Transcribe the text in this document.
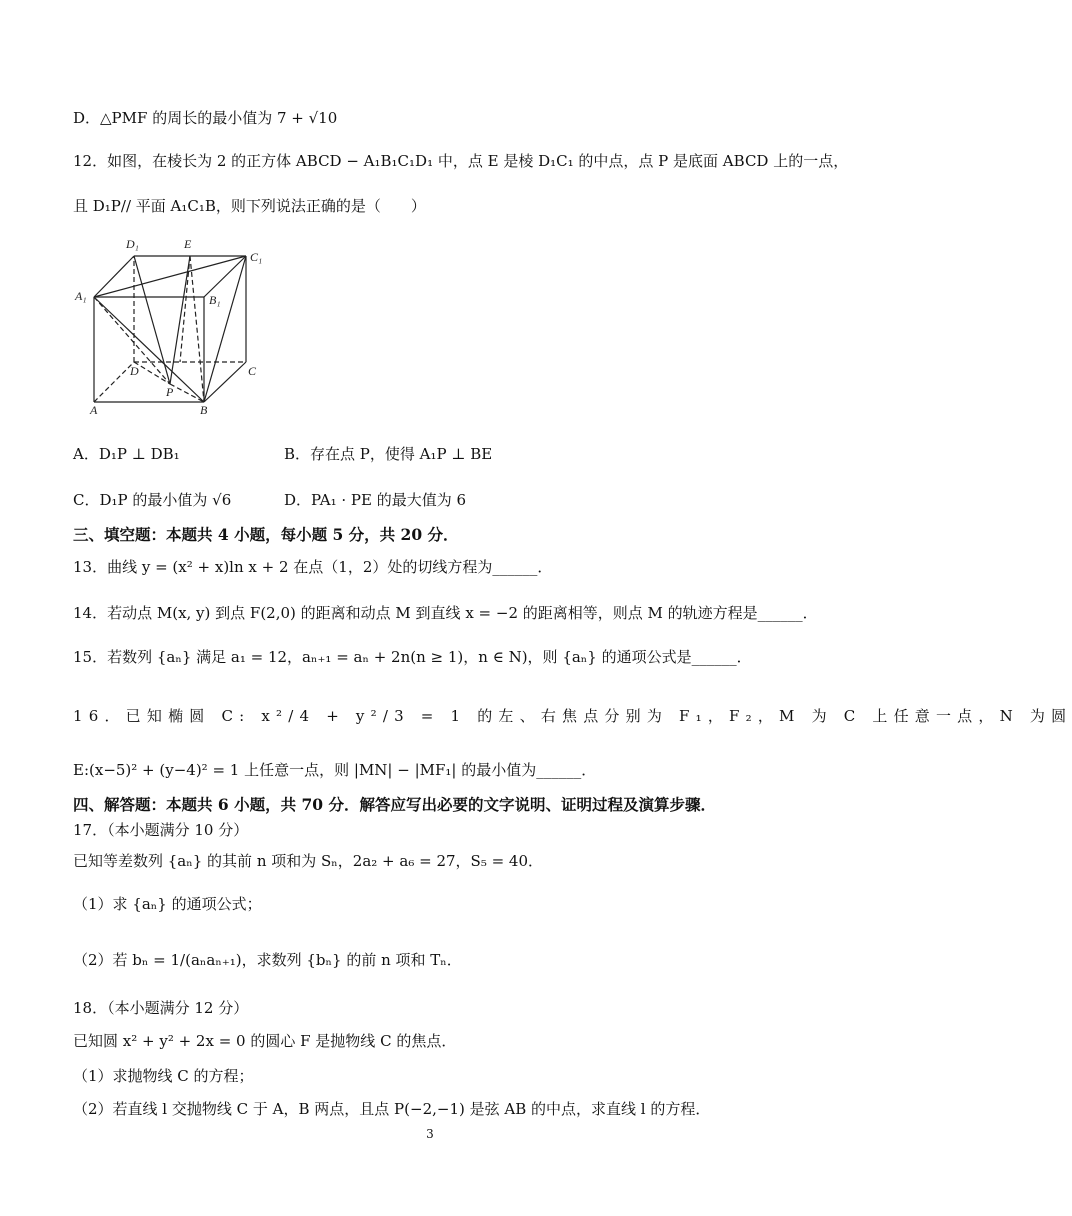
D．△PMF 的周长的最小值为 7 + √10
12．如图，在棱长为 2 的正方体 ABCD − A₁B₁C₁D₁ 中，点 E 是棱 D₁C₁ 的中点，点 P 是底面 ABCD 上的一点，
且 D₁P// 平面 A₁C₁B，则下列说法正确的是（　　）
D₁	E
C₁
A₁	B₁
D	C
P
A	B
A．D₁P ⊥ DB₁	B．存在点 P，使得 A₁P ⊥ BE
C．D₁P 的最小值为 √6	D．PA₁ · PE 的最大值为 6
三、填空题：本题共 4 小题，每小题 5 分，共 20 分．
13．曲线 y = (x² + x)ln x + 2 在点（1，2）处的切线方程为______．
14．若动点 M(x, y) 到点 F(2,0) 的距离和动点 M 到直线 x = −2 的距离相等，则点 M 的轨迹方程是______．
15．若数列 {aₙ} 满足 a₁ = 12，aₙ₊₁ = aₙ + 2n(n ≥ 1)，n ∈ N)，则 {aₙ} 的通项公式是______．
16．已知椭圆 C: x²/4 + y²/3 = 1 的左、右焦点分别为 F₁，F₂，M 为 C 上任意一点，N 为圆
E:(x−5)² + (y−4)² = 1 上任意一点，则 |MN| − |MF₁| 的最小值为______．
四、解答题：本题共 6 小题，共 70 分．解答应写出必要的文字说明、证明过程及演算步骤．
17．（本小题满分 10 分）
已知等差数列 {aₙ} 的其前 n 项和为 Sₙ，2a₂ + a₆ = 27，S₅ = 40．
（1）求 {aₙ} 的通项公式；
（2）若 bₙ = 1/(aₙaₙ₊₁)，求数列 {bₙ} 的前 n 项和 Tₙ．
18．（本小题满分 12 分）
已知圆 x² + y² + 2x = 0 的圆心 F 是抛物线 C 的焦点．
（1）求抛物线 C 的方程；
（2）若直线 l 交抛物线 C 于 A，B 两点，且点 P(−2,−1) 是弦 AB 的中点，求直线 l 的方程．
3
